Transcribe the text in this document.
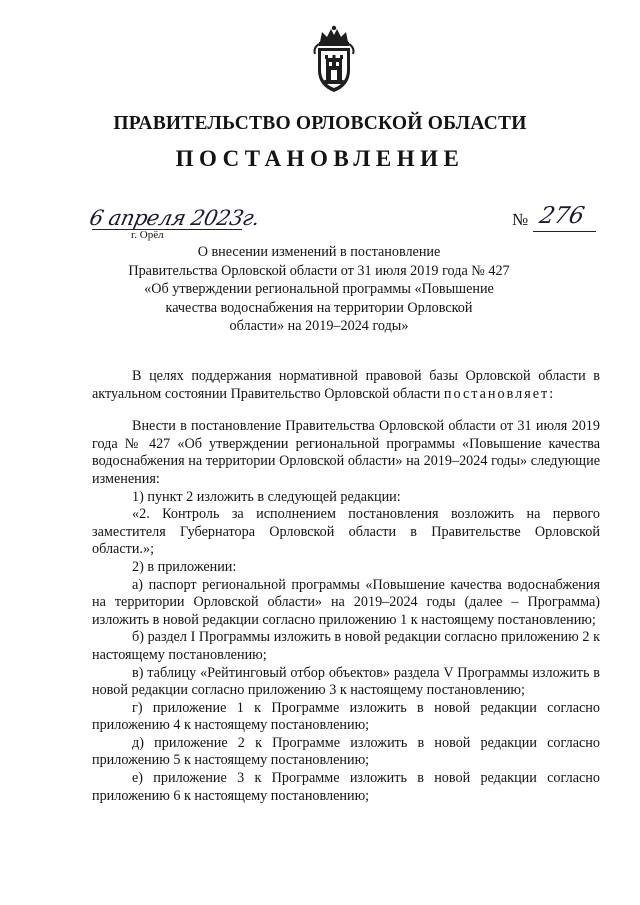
ПРАВИТЕЛЬСТВО ОРЛОВСКОЙ ОБЛАСТИ
ПОСТАНОВЛЕНИЕ
6 апреля 2023г.
г. Орёл
№ 276
О внесении изменений в постановление
Правительства Орловской области от 31 июля 2019 года № 427
«Об утверждении региональной программы «Повышение
качества водоснабжения на территории Орловской
области» на 2019–2024 годы»

В целях поддержания нормативной правовой базы Орловской области в актуальном состоянии Правительство Орловской области постановляет:

Внести в постановление Правительства Орловской области от 31 июля 2019 года № 427 «Об утверждении региональной программы «Повышение качества водоснабжения на территории Орловской области» на 2019–2024 годы» следующие изменения:

1) пункт 2 изложить в следующей редакции:

«2. Контроль за исполнением постановления возложить на первого заместителя Губернатора Орловской области в Правительстве Орловской области.»;

2) в приложении:

а) паспорт региональной программы «Повышение качества водоснабжения на территории Орловской области» на 2019–2024 годы (далее – Программа) изложить в новой редакции согласно приложению 1 к настоящему постановлению;

б) раздел I Программы изложить в новой редакции согласно приложению 2 к настоящему постановлению;

в) таблицу «Рейтинговый отбор объектов» раздела V Программы изложить в новой редакции согласно приложению 3 к настоящему постановлению;

г) приложение 1 к Программе изложить в новой редакции согласно приложению 4 к настоящему постановлению;

д) приложение 2 к Программе изложить в новой редакции согласно приложению 5 к настоящему постановлению;

е) приложение 3 к Программе изложить в новой редакции согласно приложению 6 к настоящему постановлению;
